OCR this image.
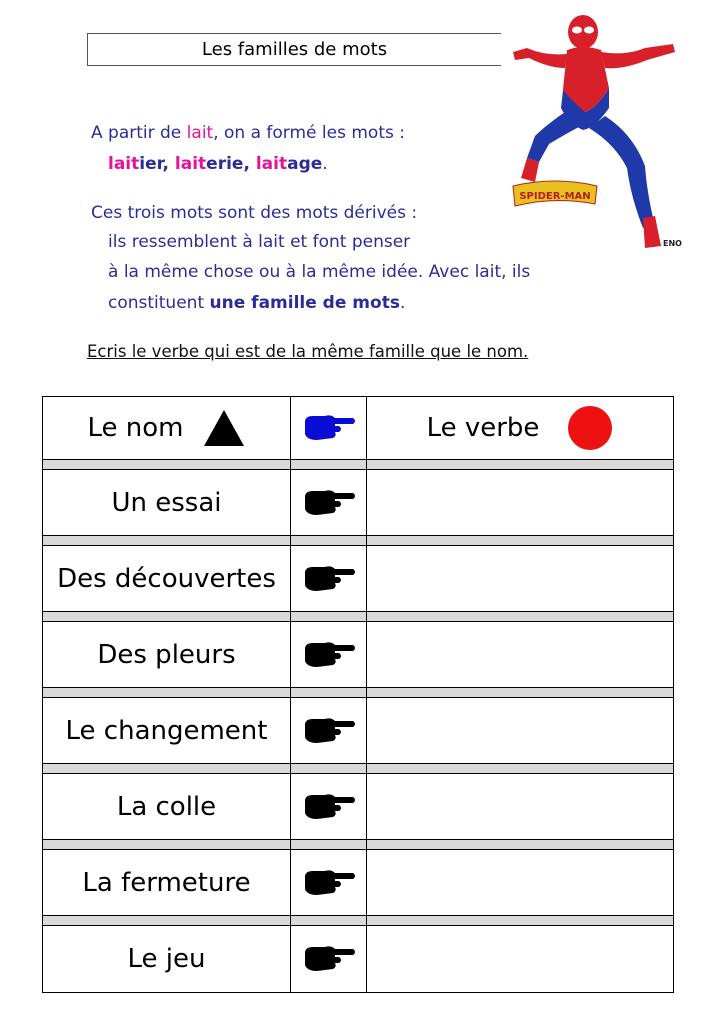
Les familles de mots
SPIDER-MAN
ENO
A partir de lait, on a formé les mots :
laitier, laiterie, laitage.
Ces trois mots sont des mots dérivés :
ils ressemblent à lait et font penser
à la même chose ou à la même idée. Avec lait, ils
constituent une famille de mots.
Ecris le verbe qui est de la même famille que le nom.
Le nom	Le verbe
Un essai
Des découvertes
Des pleurs
Le changement
La colle
La fermeture
Le jeu
